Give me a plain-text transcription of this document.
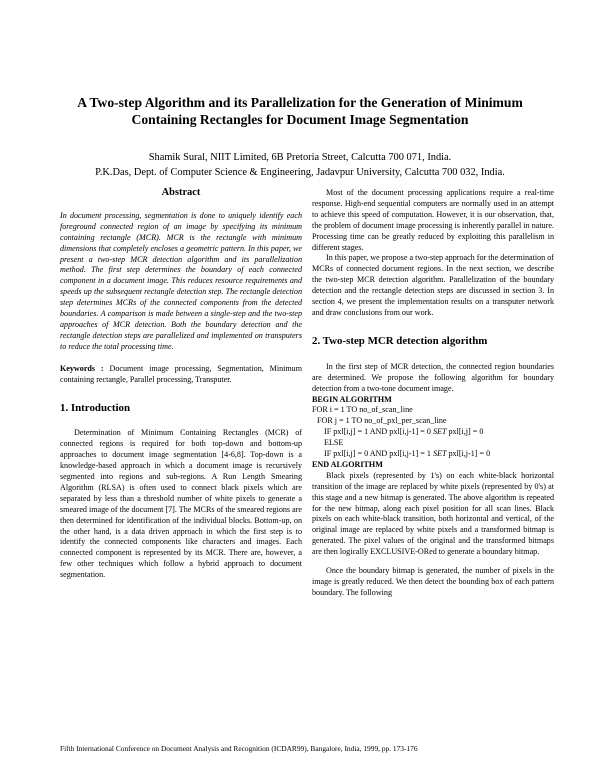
A Two-step Algorithm and its Parallelization for the Generation of Minimum
Containing Rectangles for Document Image Segmentation
Shamik Sural, NIIT Limited, 6B Pretoria Street, Calcutta 700 071, India.
P.K.Das, Dept. of Computer Science & Engineering, Jadavpur University, Calcutta 700 032, India.
Abstract

In document processing, segmentation is done to uniquely identify each foreground connected region of an image by specifying its minimum containing rectangle (MCR). MCR is the rectangle with minimum dimensions that completely encloses a geometric pattern. In this paper, we present a two-step MCR detection algorithm and its parallelization method. The first step determines the boundary of each connected component in a document image. This reduces resource requirements and speeds up the subsequent rectangle detection step. The rectangle detection step determines MCRs of the connected components from the detected boundaries. A comparison is made between a single-step and the two-step approaches of MCR detection. Both the boundary detection and the rectangle detection steps are parallelized and implemented on transputers to reduce the total processing time.

Keywords : Document image processing, Segmentation, Minimum containing rectangle, Parallel processing, Transputer.

1. Introduction

Determination of Minimum Containing Rectangles (MCR) of connected regions is required for both top-down and bottom-up approaches to document image segmentation [4-6,8]. Top-down is a knowledge-based approach in which a document image is recursively segmented into regions and sub-regions. A Run Length Smearing Algorithm (RLSA) is often used to connect black pixels which are separated by less than a threshold number of white pixels to generate a smeared image of the document [7]. The MCRs of the smeared regions are then determined for identification of the individual blocks. Bottom-up, on the other hand, is a data driven approach in which the first step is to identify the connected components like characters and images. Each connected component is represented by its MCR. There are, however, a few other techniques which follow a hybrid approach to document segmentation.

Most of the document processing applications require a real-time response. High-end sequential computers are normally used in an attempt to achieve this speed of computation. However, it is our observation, that, the problem of document image processing is inherently parallel in nature. Processing time can be greatly reduced by exploiting this parallelism in different stages.

In this paper, we propose a two-step approach for the determination of MCRs of connected document regions. In the next section, we describe the two-step MCR detection algorithm. Parallelization of the boundary detection and the rectangle detection steps are discussed in section 3. In section 4, we present the implementation results on a transputer network and draw conclusions from our work.

2. Two-step MCR detection algorithm

In the first step of MCR detection, the connected region boundaries are determined. We propose the following algorithm for boundary detection from a two-tone document image.

BEGIN ALGORITHM
FOR i = 1 TO no_of_scan_line
FOR j = 1 TO no_of_pxl_per_scan_line
IF pxl[i,j] = 1 AND pxl[i,j-1] = 0 SET pxl[i,j] = 0
ELSE
IF pxl[i,j] = 0 AND pxl[i,j-1] = 1 SET pxl[i,j-1] = 0
END ALGORITHM

Black pixels (represented by 1's) on each white-black horizontal transition of the image are replaced by white pixels (represented by 0's) at this stage and a new bitmap is generated. The above algorithm is repeated for the new bitmap, along each pixel position for all scan lines. Black pixels on each white-black transition, both horizontal and vertical, of the original image are replaced by white pixels and a transformed bitmap is generated. The pixel values of the original and the transformed bitmaps are then logically EXCLUSIVE-ORed to generate a boundary bitmap.

Once the boundary bitmap is generated, the number of pixels in the image is greatly reduced. We then detect the bounding box of each pattern boundary. The following

Fifth International Conference on Document Analysis and Recognition (ICDAR99), Bangalore, India, 1999, pp. 173-176
